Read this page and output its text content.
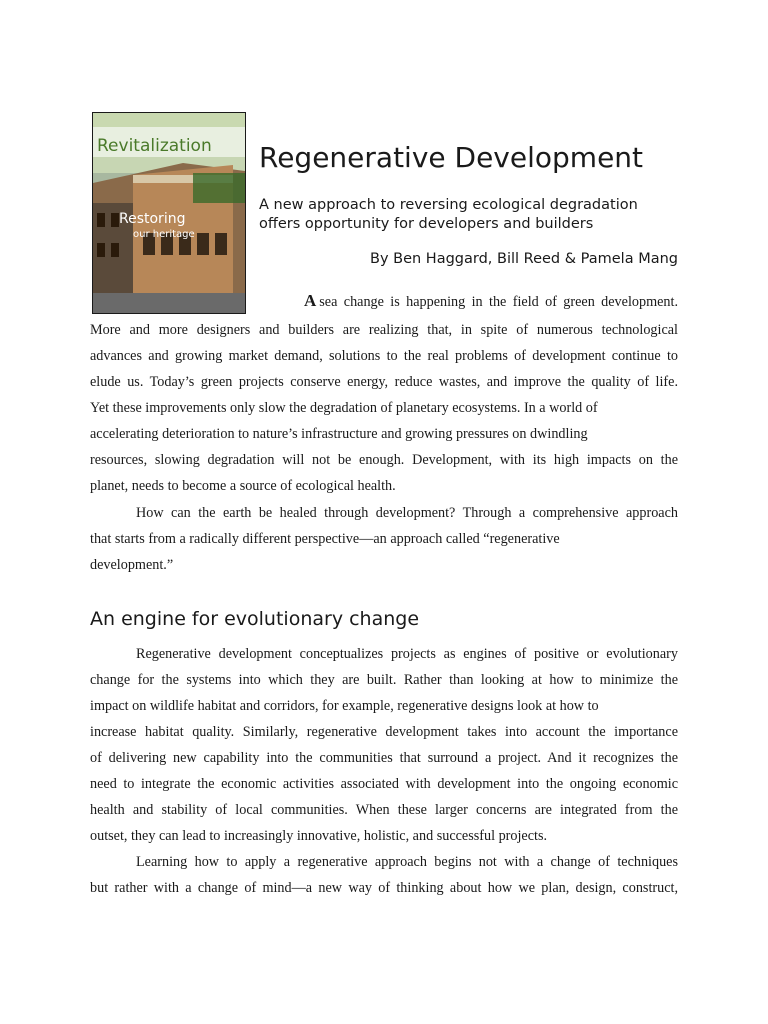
Revitalization
Restoring
our heritage
Regenerative Development
A new approach to reversing ecological degradation
offers opportunity for developers and builders
By Ben Haggard, Bill Reed & Pamela Mang
A sea change is happening in the field of green development.
More and more designers and builders are realizing that, in spite of numerous technological
advances and growing market demand, solutions to the real problems of development continue to
elude us. Today’s green projects conserve energy, reduce wastes, and improve the quality of life.
Yet these improvements only slow the degradation of planetary ecosystems. In a world of
accelerating deterioration to nature’s infrastructure and growing pressures on dwindling
resources, slowing degradation will not be enough. Development, with its high impacts on the
planet, needs to become a source of ecological health.
How can the earth be healed through development? Through a comprehensive approach
that starts from a radically different perspective—an approach called “regenerative
development.”
An engine for evolutionary change
Regenerative development conceptualizes projects as engines of positive or evolutionary
change for the systems into which they are built. Rather than looking at how to minimize the
impact on wildlife habitat and corridors, for example, regenerative designs look at how to
increase habitat quality. Similarly, regenerative development takes into account the importance
of delivering new capability into the communities that surround a project. And it recognizes the
need to integrate the economic activities associated with development into the ongoing economic
health and stability of local communities. When these larger concerns are integrated from the
outset, they can lead to increasingly innovative, holistic, and successful projects.
Learning how to apply a regenerative approach begins not with a change of techniques
but rather with a change of mind—a new way of thinking about how we plan, design, construct,
